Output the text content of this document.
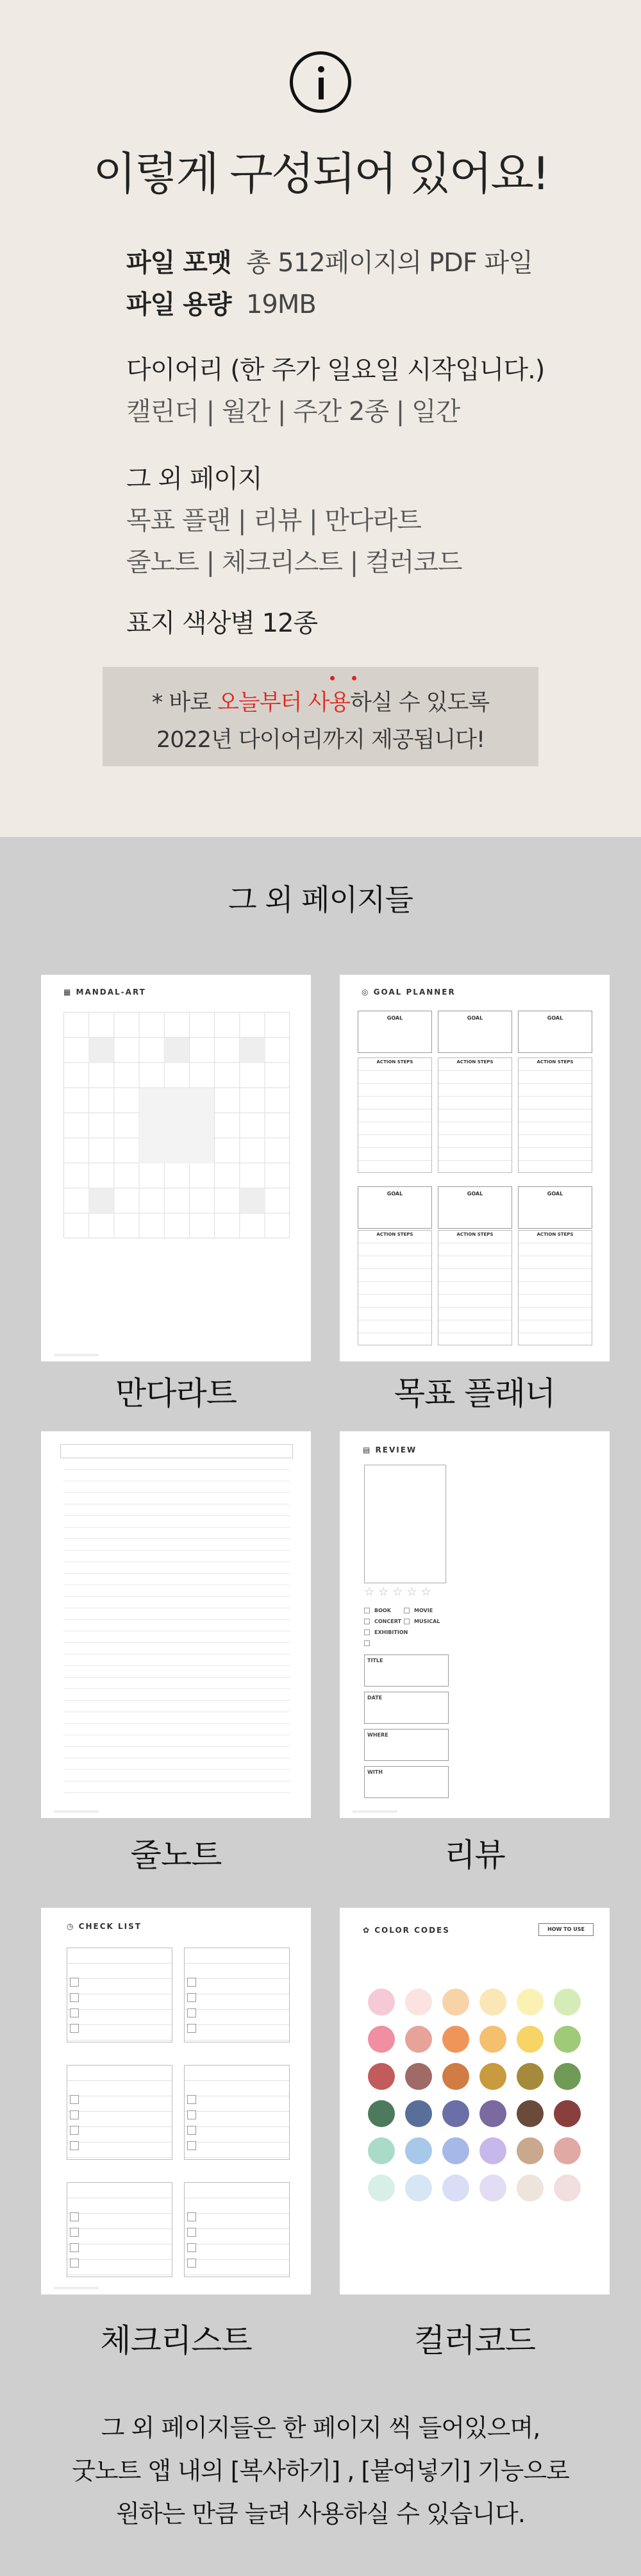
이렇게 구성되어 있어요!
파일 포맷 총 512페이지의 PDF 파일
파일 용량 19MB
다이어리 (한 주가 일요일 시작입니다.)
캘린더 | 월간 | 주간 2종 | 일간
그 외 페이지
목표 플랜 | 리뷰 | 만다라트
줄노트 | 체크리스트 | 컬러코드
표지 색상별 12종
* 바로 오늘부터 사용하실 수 있도록
2022년 다이어리까지 제공됩니다!
그 외 페이지들
▦ MANDAL-ART
만다라트
◎ GOAL PLANNER
GOAL	GOAL	GOAL
ACTION STEPS	ACTION STEPS	ACTION STEPS
GOAL	GOAL	GOAL
ACTION STEPS	ACTION STEPS	ACTION STEPS
목표 플래너
줄노트
▤ REVIEW
☆☆☆☆☆
BOOK	MOVIE
CONCERT	MUSICAL
EXHIBITION
TITLE
DATE
WHERE
WITH
리뷰
◷ CHECK LIST
체크리스트
✿ COLOR CODES	HOW TO USE
컬러코드
그 외 페이지들은 한 페이지 씩 들어있으며,
굿노트 앱 내의 [복사하기] , [붙여넣기] 기능으로
원하는 만큼 늘려 사용하실 수 있습니다.
